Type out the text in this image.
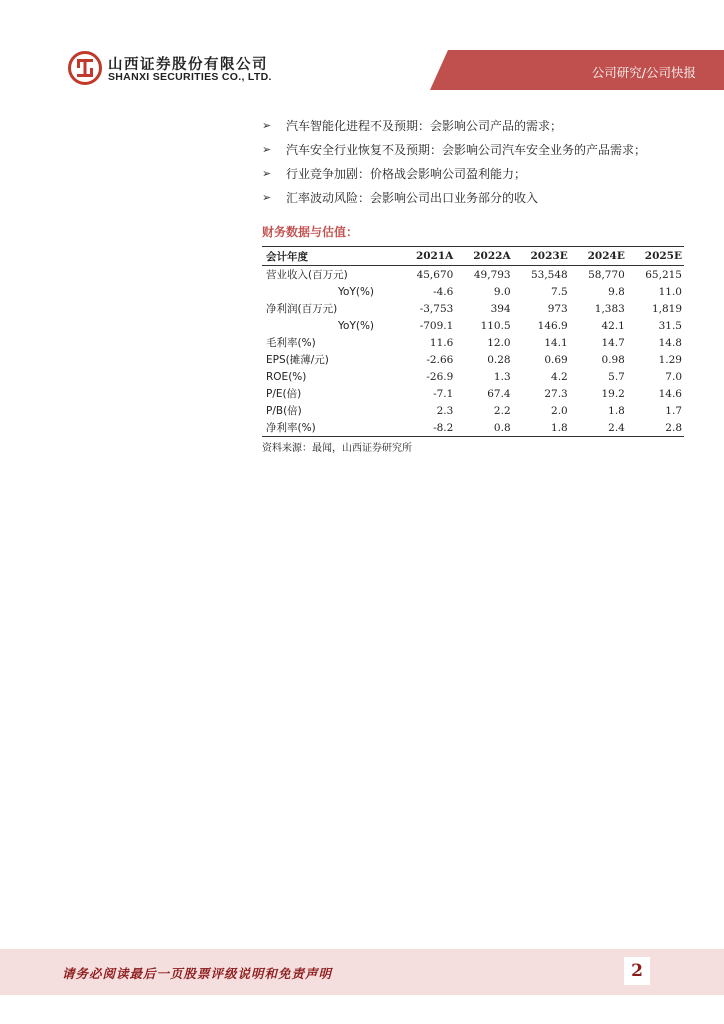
山西证券股份有限公司
SHANXI SECURITIES CO., LTD.	公司研究/公司快报
➢	汽车智能化进程不及预期：会影响公司产品的需求；
➢	汽车安全行业恢复不及预期：会影响公司汽车安全业务的产品需求；
➢	行业竞争加剧：价格战会影响公司盈利能力；
➢	汇率波动风险：会影响公司出口业务部分的收入
财务数据与估值：
会计年度	2021A	2022A	2023E	2024E	2025E
营业收入(百万元)	45,670	49,793	53,548	58,770	65,215
YoY(%)	-4.6	9.0	7.5	9.8	11.0
净利润(百万元)	-3,753	394	973	1,383	1,819
YoY(%)	-709.1	110.5	146.9	42.1	31.5
毛利率(%)	11.6	12.0	14.1	14.7	14.8
EPS(摊薄/元)	-2.66	0.28	0.69	0.98	1.29
ROE(%)	-26.9	1.3	4.2	5.7	7.0
P/E(倍)	-7.1	67.4	27.3	19.2	14.6
P/B(倍)	2.3	2.2	2.0	1.8	1.7
净利率(%)	-8.2	0.8	1.8	2.4	2.8
资料来源：最闻，山西证券研究所
请务必阅读最后一页股票评级说明和免责声明	2
